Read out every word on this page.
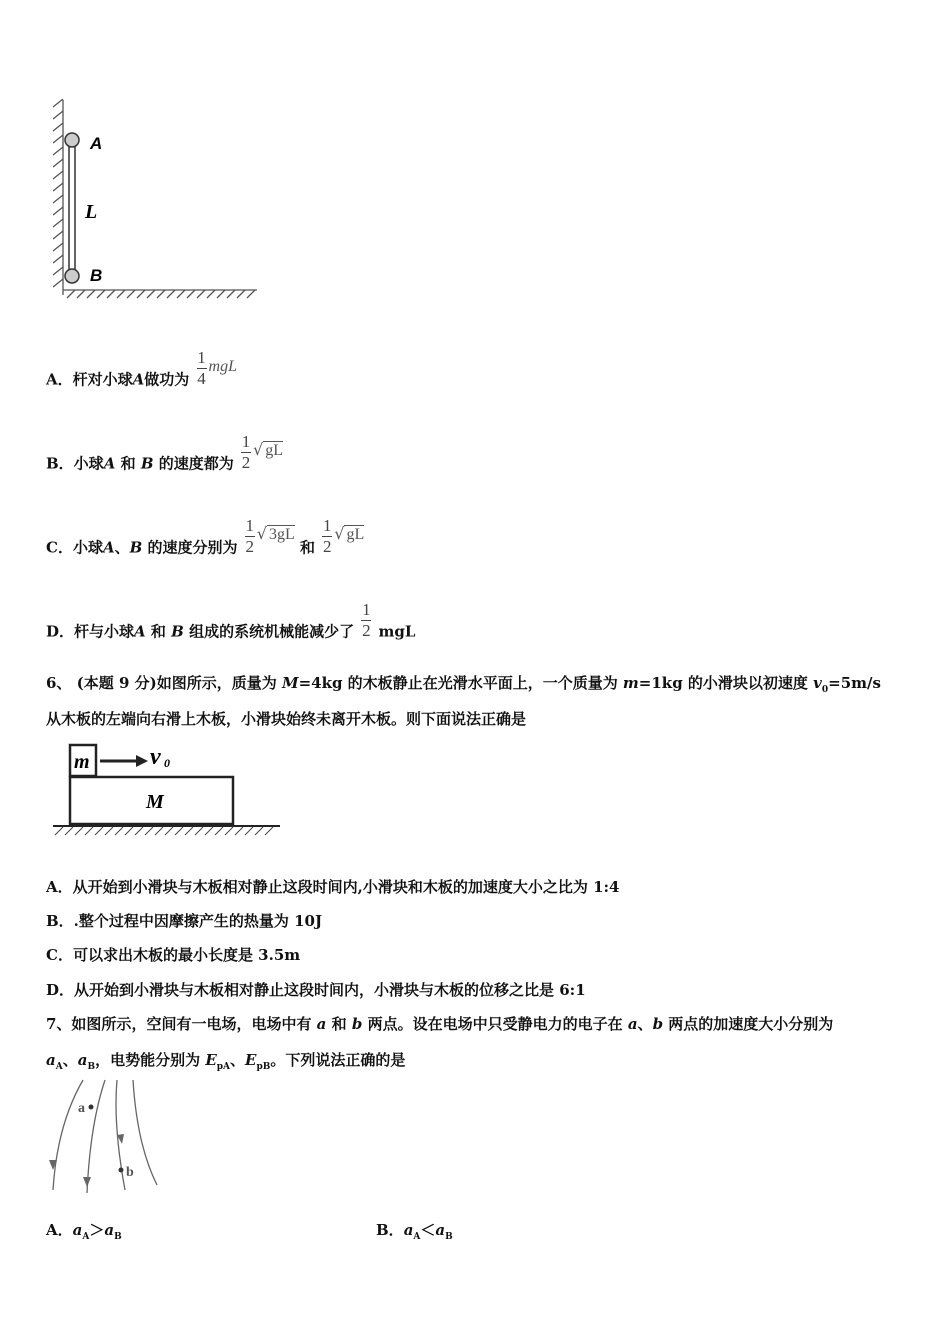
A
L
B
A．杆对小球A做功为 $\frac{1}{4}$ mgL
B．小球A 和 B 的速度都为 $\frac{1}{2}$ √ gL
C．小球A、B 的速度分别为 $\frac{1}{2}$ √ 3gL 和 $\frac{1}{2}$ √ gL
D．杆与小球A 和 B 组成的系统机械能减少了 $\frac{1}{2}$ mgL
6、 (本题 9 分)如图所示，质量为 M=4kg 的木板静止在光滑水平面上，一个质量为 m=1kg 的小滑块以初速度 $v_0=5m/s$
从木板的左端向右滑上木板，小滑块始终未离开木板。则下面说法正确是
m	v 0
M
A．从开始到小滑块与木板相对静止这段时间内,小滑块和木板的加速度大小之比为 1:4
B．.整个过程中因摩擦产生的热量为 10J
C．可以求出木板的最小长度是 3.5m
D．从开始到小滑块与木板相对静止这段时间内，小滑块与木板的位移之比是 6:1
7、如图所示，空间有一电场，电场中有 a 和 b 两点。设在电场中只受静电力的电子在 a、b 两点的加速度大小分别为
$a_A$、$a_B$，电势能分别为 $E_{pA}$、$E_{pB}$。下列说法正确的是
a
b
A．$a_A>a_B$	B．$a_A<a_B$
